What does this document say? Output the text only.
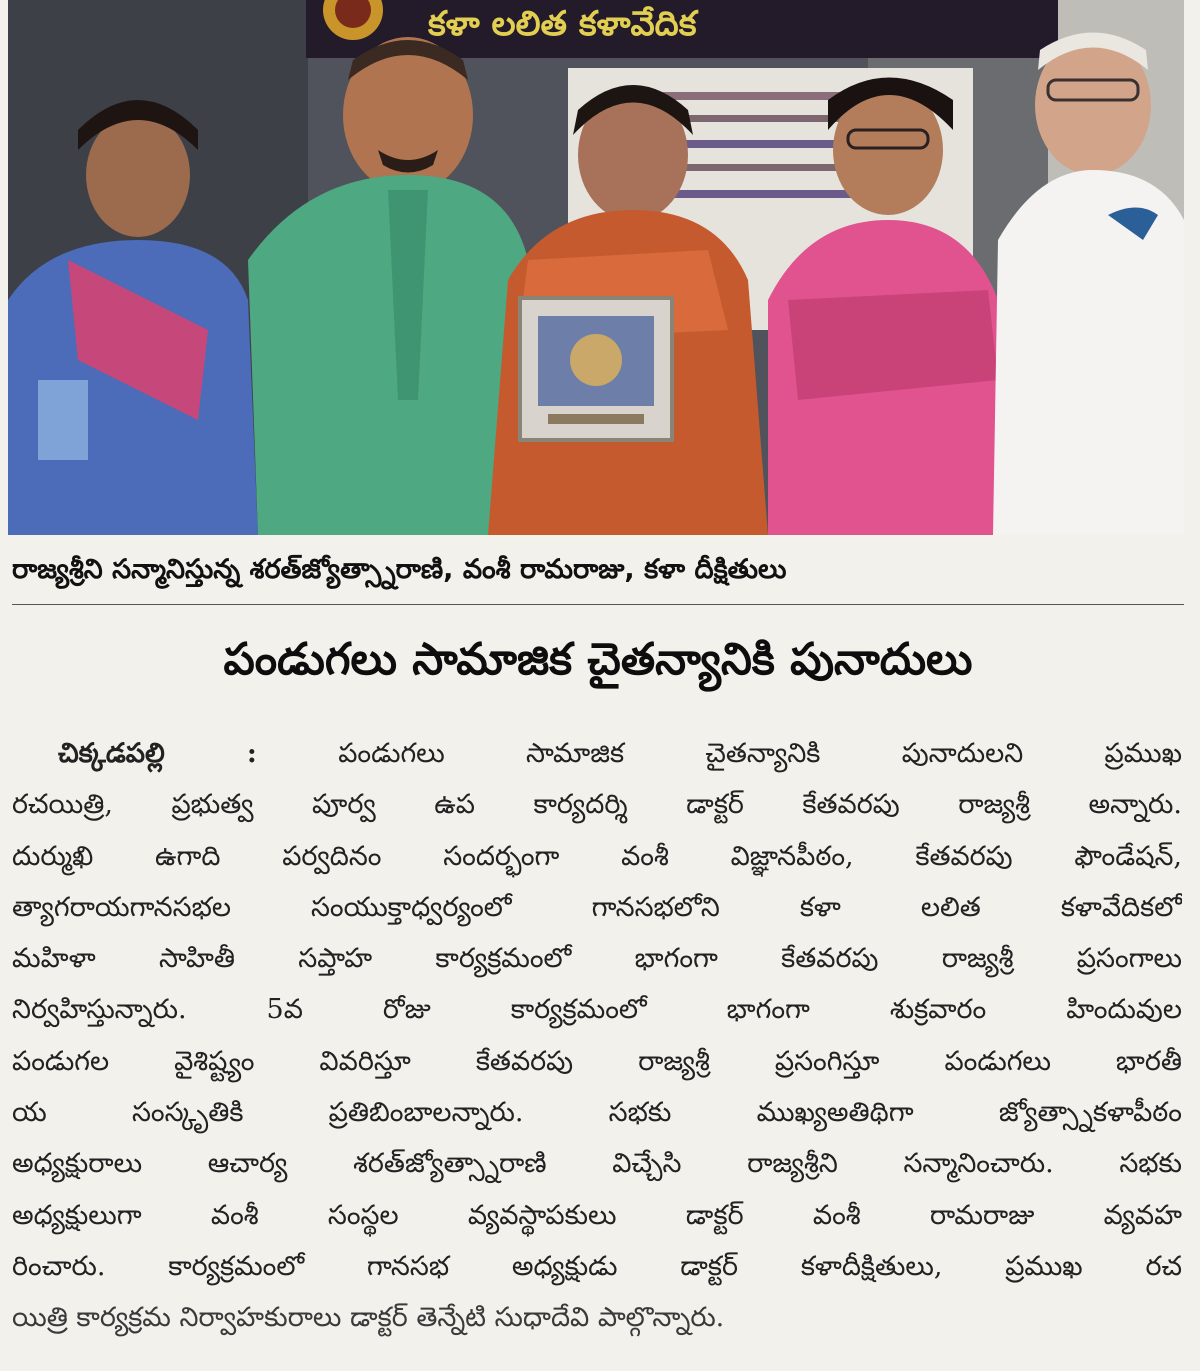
కళా లలిత కళావేదిక
రాజ్యశ్రీని సన్మానిస్తున్న శరత్‌జ్యోత్స్నారాణి, వంశీ రామరాజు, కళా దీక్షితులు
పండుగలు సామాజిక చైతన్యానికి పునాదులు
చిక్కడపల్లి :	పండుగలు సామాజిక చైతన్యానికి పునాదులని ప్రముఖ
రచయిత్రి, ప్రభుత్వ పూర్వ ఉప కార్యదర్శి డాక్టర్ కేతవరపు రాజ్యశ్రీ అన్నారు.
దుర్ముఖి ఉగాది పర్వదినం సందర్భంగా వంశీ విజ్ఞానపీఠం, కేతవరపు ఫౌండేషన్,
త్యాగరాయగానసభల సంయుక్తాధ్వర్యంలో గానసభలోని కళా లలిత కళావేదికలో
మహిళా సాహితీ సప్తాహ కార్యక్రమంలో భాగంగా కేతవరపు రాజ్యశ్రీ ప్రసంగాలు
నిర్వహిస్తున్నారు. 5వ రోజు కార్యక్రమంలో భాగంగా శుక్రవారం హిందువుల
పండుగల వైశిష్ట్యం వివరిస్తూ కేతవరపు రాజ్యశ్రీ ప్రసంగిస్తూ పండుగలు భారతీ
య సంస్కృతికి ప్రతిబింబాలన్నారు. సభకు ముఖ్యఅతిథిగా జ్యోత్స్నాకళాపీఠం
అధ్యక్షురాలు ఆచార్య శరత్‌జ్యోత్స్నారాణి విచ్చేసి రాజ్యశ్రీని సన్మానించారు. సభకు
అధ్యక్షులుగా వంశీ సంస్థల వ్యవస్థాపకులు డాక్టర్ వంశీ రామరాజు వ్యవహ
రించారు. కార్యక్రమంలో గానసభ అధ్యక్షుడు డాక్టర్ కళాదీక్షితులు, ప్రముఖ రచ
యిత్రి కార్యక్రమ నిర్వాహకురాలు డాక్టర్ తెన్నేటి సుధాదేవి పాల్గొన్నారు.
